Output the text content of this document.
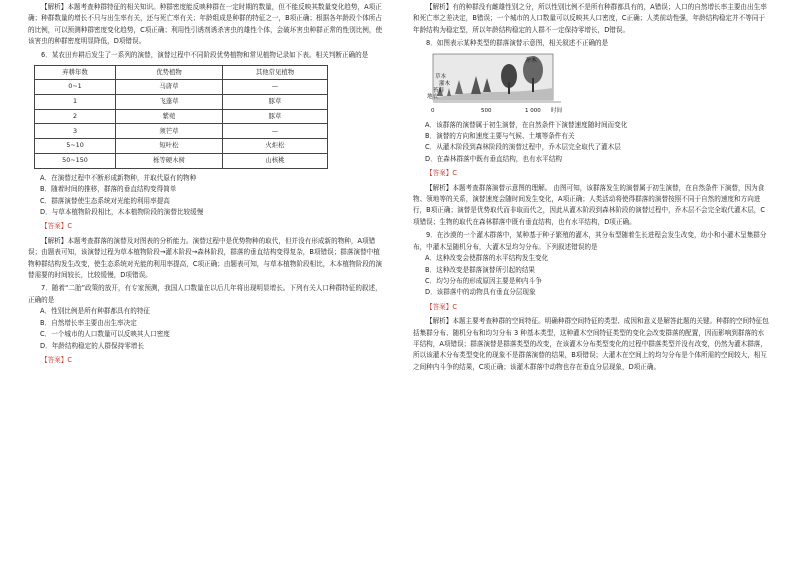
【解析】本题考查种群特征的相关知识。种群密度能反映种群在一定时期的数量，但不能反映其数量变化趋势，A项正确；种群数量的增长不只与出生率有关，还与死亡率有关；年龄组成是种群的特征之一，B项正确；根据各年龄段个体所占的比例，可以预测种群密度变化趋势，C项正确；利用性引诱剂诱杀害虫的雄性个体，会破坏害虫种群正常的性别比例，使该害虫的种群密度明显降低，D项错误。

6．某农田弃耕后发生了一系列的演替，演替过程中不同阶段优势植物和常见植物记录如下表。相关判断正确的是

弃耕年数	优势植物	其他常见植物
0~1	马唐草	—
1	飞蓬草	豚草
2	紫菀	豚草
3	须芒草	—
5~10	短叶松	火炬松
50~150	栎等硬木树	山核桃

A．在演替过程中不断形成新物种，并取代原有的物种

B．随着时间的推移，群落的垂直结构变得简单

C．群落演替使生态系统对光能的利用率提高

D．与草本植物阶段相比，木本植物阶段的演替比较缓慢

【答案】C

【解析】本题考查群落的演替及对图表的分析能力。演替过程中是优势物种的取代，但并没有形成新的物种，A项错误；由题表可知，该演替过程为草本植物阶段→灌木阶段→森林阶段，群落的垂直结构变得复杂，B项错误；群落演替中植物种群结构发生改变，使生态系统对光能的利用率提高，C项正确；由题表可知，与草本植物阶段相比，木本植物阶段的演替需要的时间较长，比较缓慢，D项错误。

7．随着“二胎”政策的放开，有专家预测，我国人口数量在以后几年将出现明显增长。下列有关人口种群特征的叙述，正确的是

A．性别比例是所有种群都具有的特征

B．自然增长率主要由出生率决定

C．一个城市的人口数量可以反映其人口密度

D．年龄结构稳定的人群保持零增长

【答案】C

【解析】有的种群没有雌雄性别之分，所以性别比例不是所有种群都具有的，A错误；人口的自然增长率主要由出生率和死亡率之差决定，B错误；一个城市的人口数量可以反映其人口密度，C正确；人类前动性强，年龄结构稳定并不等同于年龄结构为稳定型，所以年龄结构稳定的人群不一定保持零增长，D错误。

8．如图表示某种类型的群落演替示意图，相关叙述不正确的是

乔木
草本
灌木
苔藓
地衣
0	500	1 000 时间

A．该群落的演替属于初生演替，在自然条件下演替速度随时间而变化

B．演替的方向和速度主要与气候、土壤等条件有关

C．从灌木阶段到森林阶段的演替过程中，乔木层完全取代了灌木层

D．在森林群落中既有垂直结构，也有水平结构

【答案】C

【解析】本题考查群落演替示意图的理解。 由图可知，该群落发生的演替属于初生演替，在自然条件下演替，因为食物、领地等的关系，演替速度会随时间发生变化，A项正确；人类活动将使得群落的演替按照不同于自然的速度和方向进行，B项正确；演替是优势取代而非取而代之，因此从灌木阶段到森林阶段的演替过程中，乔木层不会完全取代灌木层，C项错误；生物的取代在森林群落中既有垂直结构，也有水平结构，D项正确。

9．在沙漠的一个灌木群落中，某种基于种子繁殖的灌木，其分布型随着生长进程会发生改变，幼小和小灌木呈集群分布，中灌木呈随机分布，大灌木呈均匀分布。下列叙述错误的是

A．这种改变会使群落的水平结构发生变化

B．这种改变是群落演替所引起的结果

C．均匀分布的形成原因主要是种内斗争

D．该群落中的动物具有垂直分层现象

【答案】C

【解析】本题主要考查种群的空间特征。明确种群空间特征的类型、成因和意义是解答此题的关键。种群的空间特征包括集群分布、随机分布和均匀分布 3 种基本类型，这种灌木空间特征类型的变化会改变群落的配置，因而影响到群落的水平结构，A项错误；群落演替是群落类型的改变，在该灌木分布类型变化的过程中群落类型并没有改变，仍然为灌木群落，所以该灌木分布类型变化的现象不是群落演替的结果，B项错误；大灌木在空间上的均匀分布是个体所需的空间较大，相互之间种内斗争的结果，C项正确；该灌木群落中动物也存在垂直分层现象，D项正确。
